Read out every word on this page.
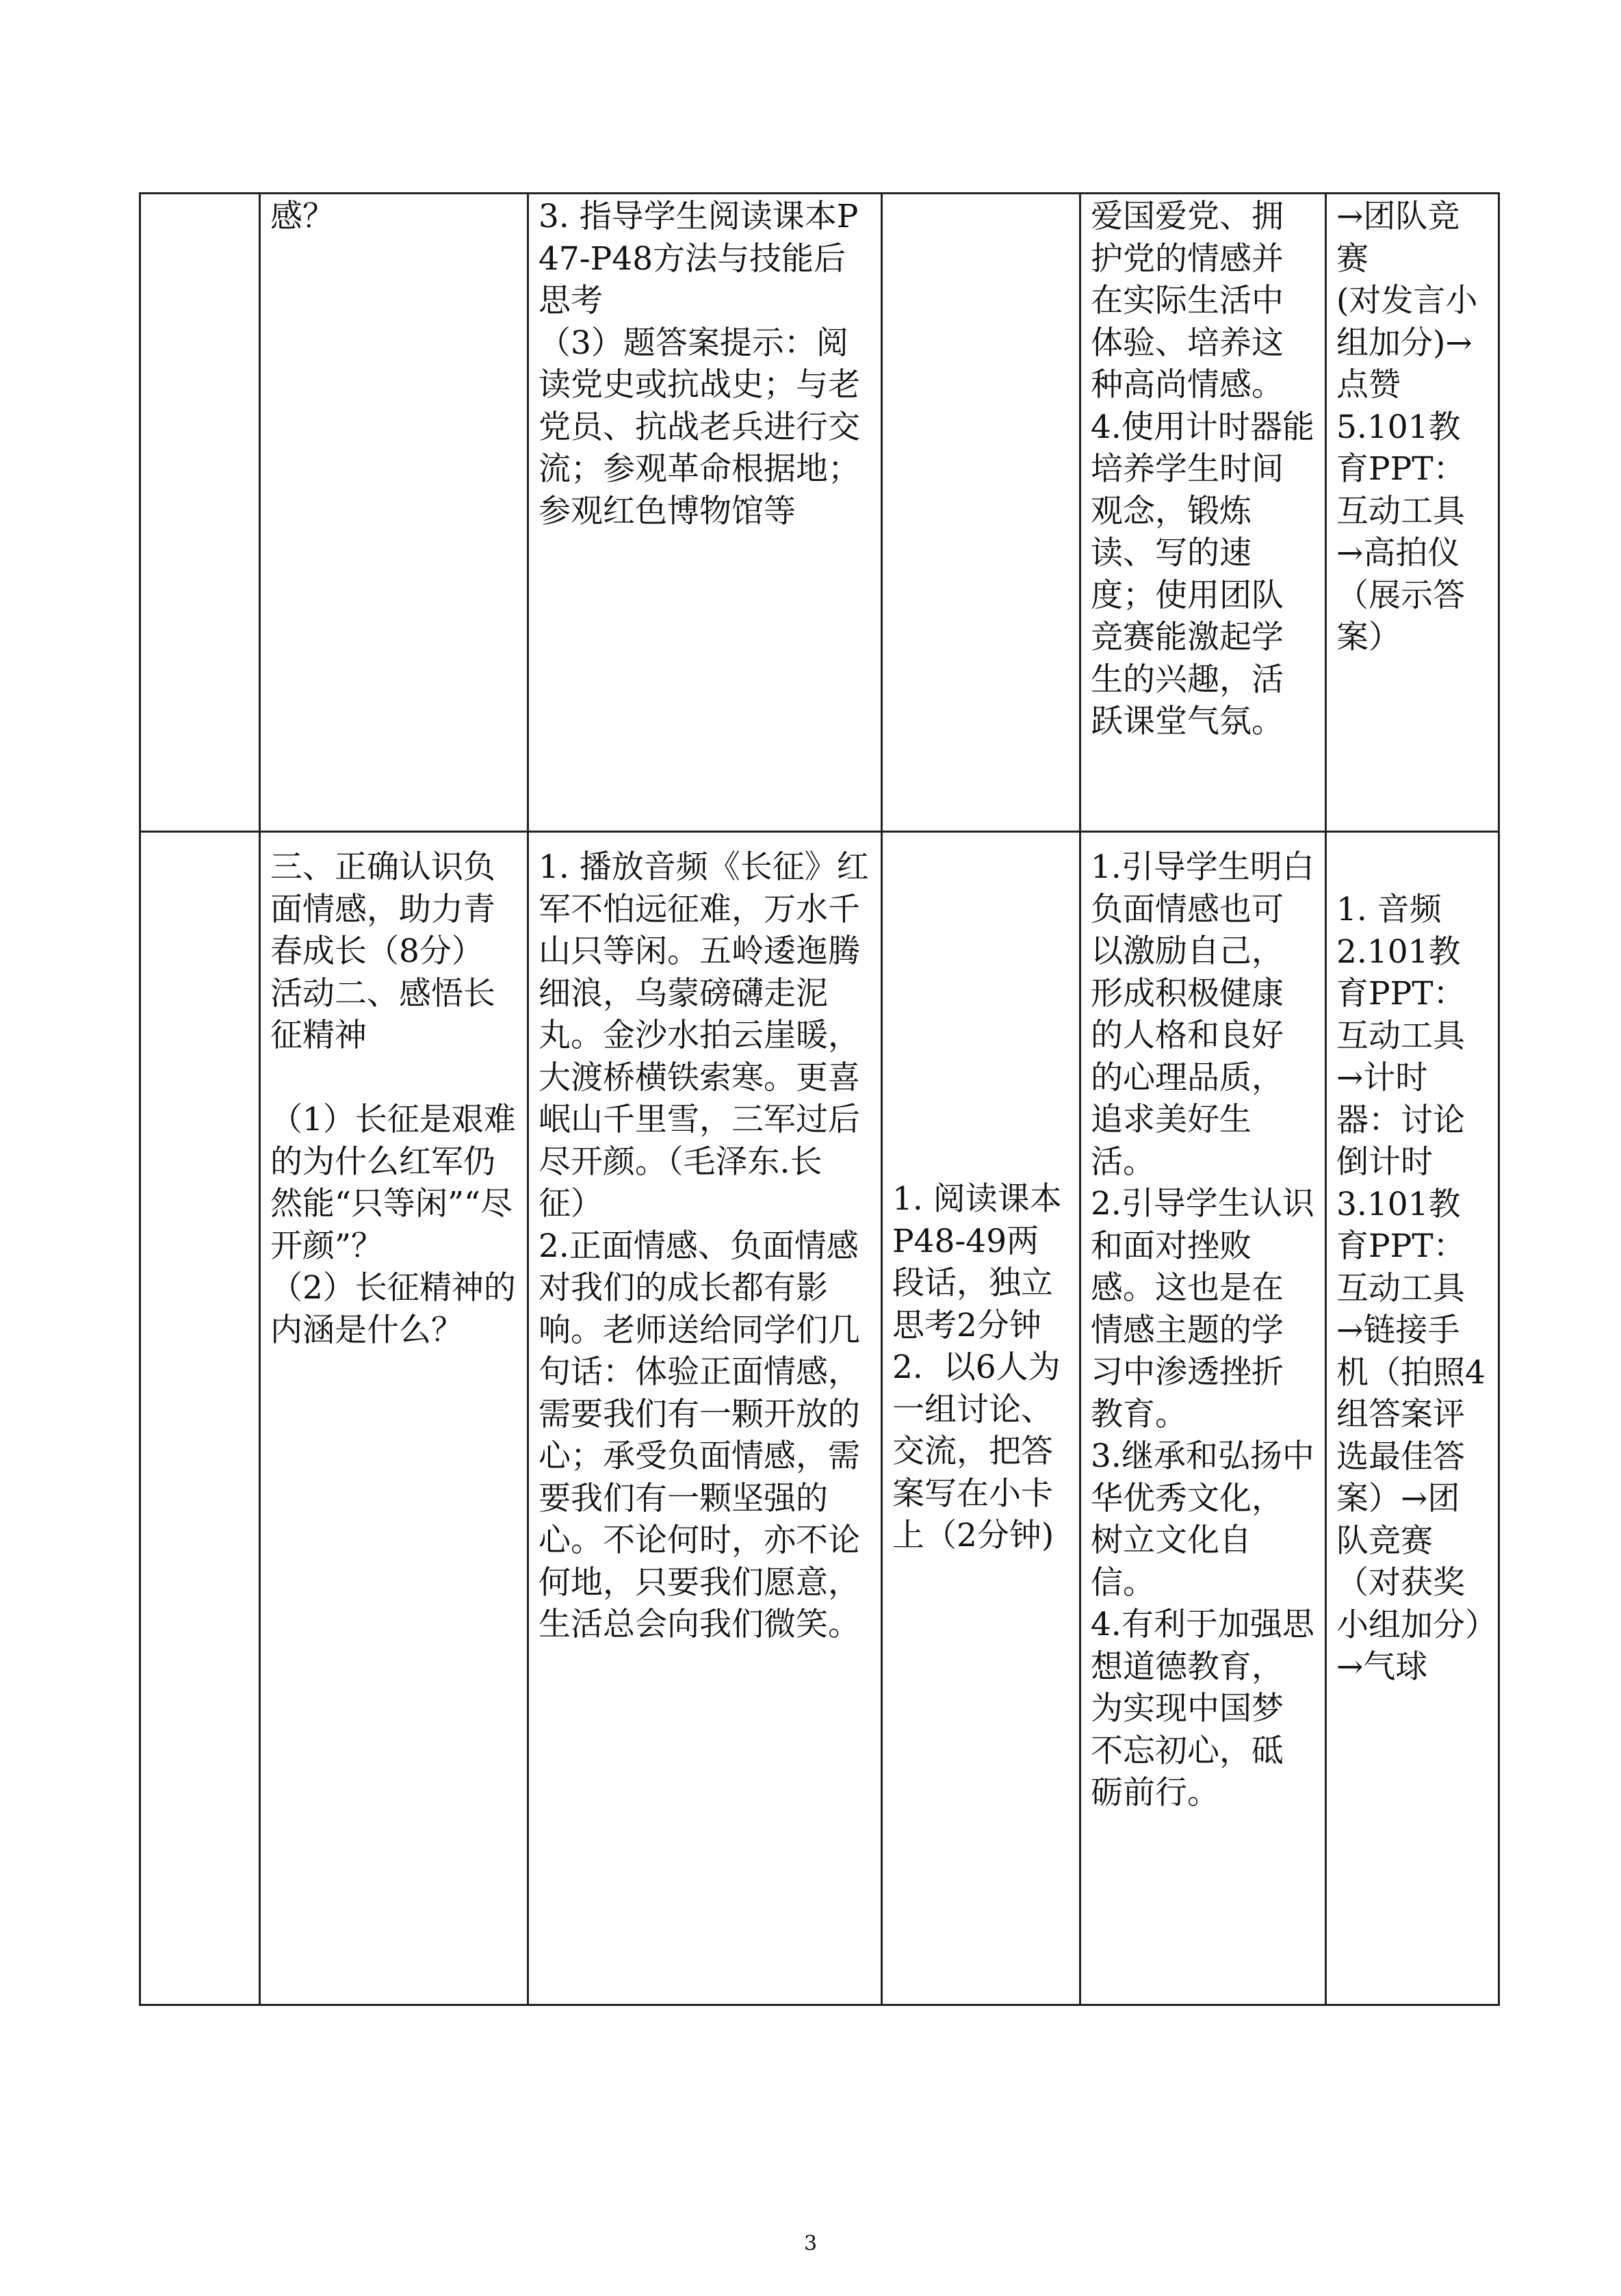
	感？	3. 指导学生阅读课本P47-P48方法与技能后思考
（3）题答案提示：阅读党史或抗战史；与老党员、抗战老兵进行交流；参观革命根据地；参观红色博物馆等		爱国爱党、拥护党的情感并在实际生活中体验、培养这种高尚情感。
4.使用计时器能培养学生时间观念，锻炼读、写的速度；使用团队竞赛能激起学生的兴趣，活跃课堂气氛。	→团队竞赛
(对发言小组加分)→点赞
5.101教育PPT：互动工具→高拍仪（展示答案）

	三、正确认识负面情感，助力青春成长（8分）
活动二、感悟长征精神

（1）长征是艰难的为什么红军仍然能“只等闲”“尽开颜”？
（2）长征精神的内涵是什么？	1. 播放音频《长征》红军不怕远征难，万水千山只等闲。五岭逶迤腾细浪，乌蒙磅礴走泥丸。金沙水拍云崖暖，大渡桥横铁索寒。更喜岷山千里雪，三军过后尽开颜。（毛泽东.长征）
2.正面情感、负面情感对我们的成长都有影响。老师送给同学们几句话：体验正面情感，需要我们有一颗开放的心；承受负面情感，需要我们有一颗坚强的心。不论何时，亦不论何地，只要我们愿意，生活总会向我们微笑。	1. 阅读课本P48-49两段话，独立思考2分钟
2.  以6人为一组讨论、交流，把答案写在小卡上（2分钟)	1.引导学生明白负面情感也可以激励自己，形成积极健康的人格和良好的心理品质，追求美好生活。
2.引导学生认识和面对挫败感。这也是在情感主题的学习中渗透挫折教育。
3.继承和弘扬中华优秀文化，树立文化自信。
4.有利于加强思想道德教育，为实现中国梦不忘初心，砥砺前行。	1. 音频
2.101教育PPT：互动工具→计时器：讨论倒计时
3.101教育PPT：互动工具→链接手机（拍照4组答案评选最佳答案）→团队竞赛（对获奖小组加分）→气球
3
